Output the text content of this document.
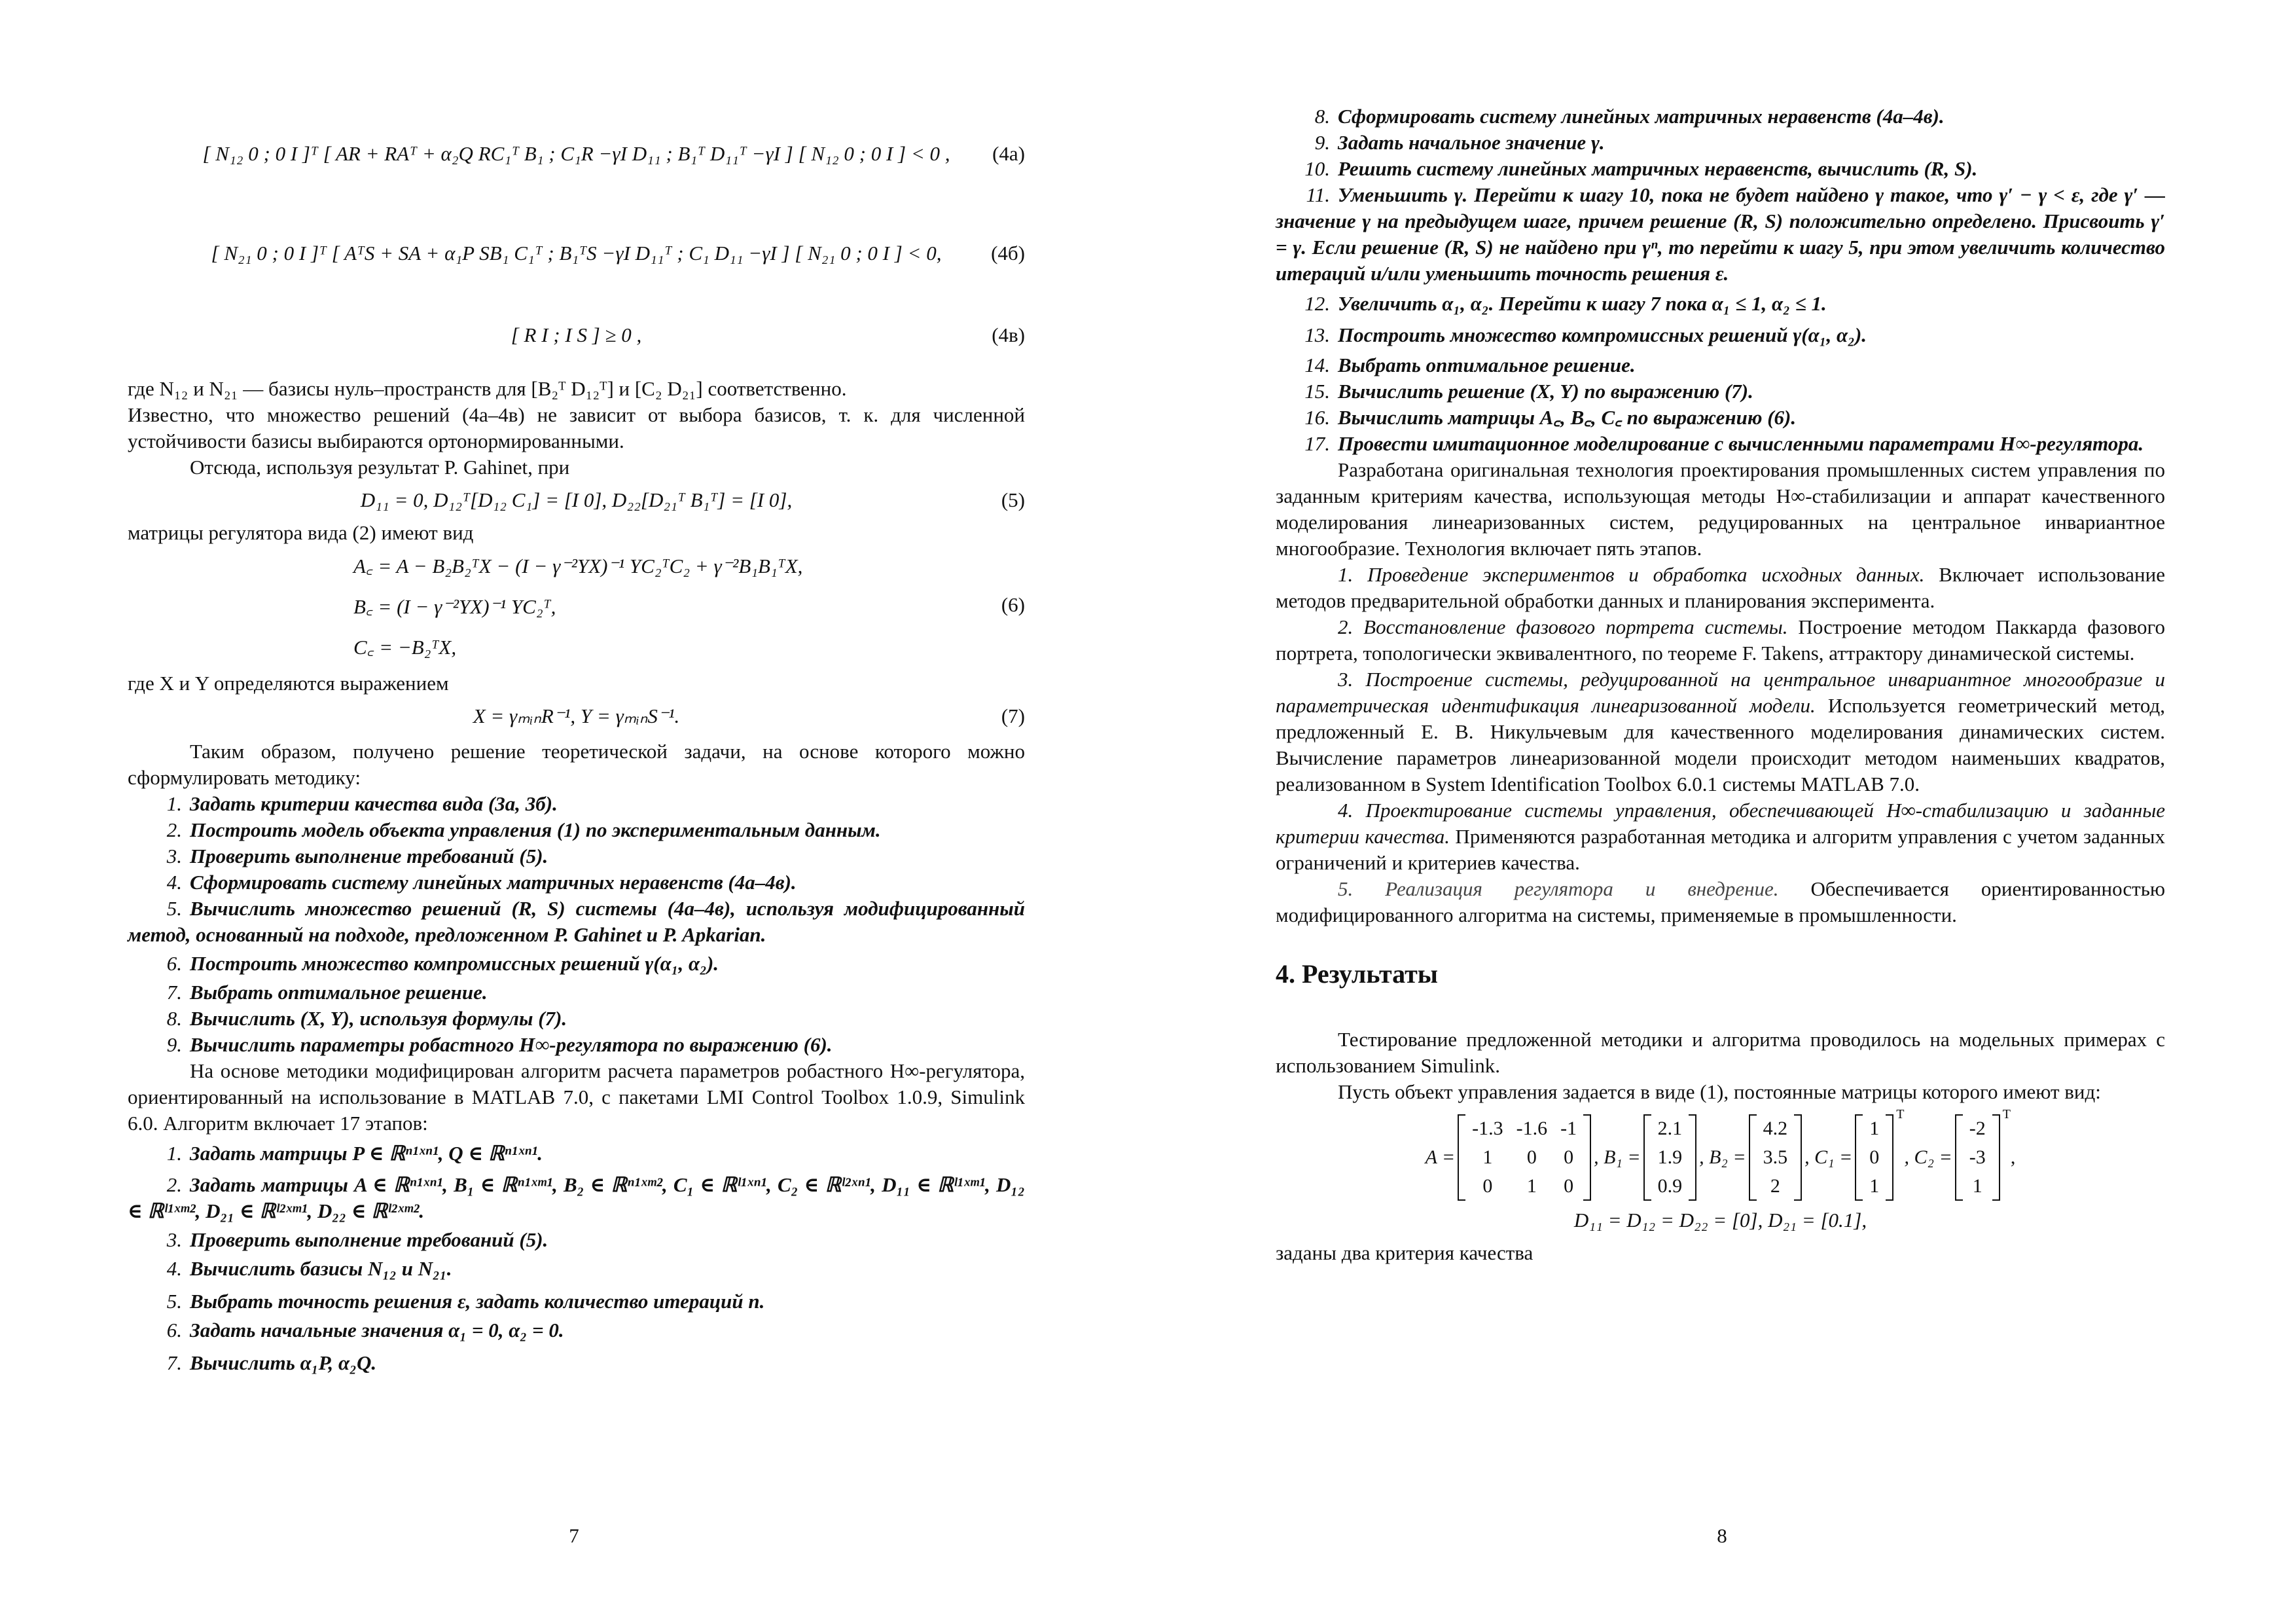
[ N₁₂ 0 ; 0 I ]ᵀ [ AR + RAᵀ + α₂Q RC₁ᵀ B₁ ; C₁R −γI D₁₁ ; B₁ᵀ D₁₁ᵀ −γI ] [ N₁₂ 0 ; 0 I ] < 0 , (4а)
[ N₂₁ 0 ; 0 I ]ᵀ [ AᵀS + SA + α₁P SB₁ C₁ᵀ ; B₁ᵀS −γI D₁₁ᵀ ; C₁ D₁₁ −γI ] [ N₂₁ 0 ; 0 I ] < 0, (4б)
[ R I ; I S ] ≥ 0 ,	(4в)

где N₁₂ и N₂₁ — базисы нуль–пространств для [B₂ᵀ D₁₂ᵀ] и [C₂ D₂₁] соответственно.

Известно, что множество решений (4а–4в) не зависит от выбора базисов, т. к. для численной устойчивости базисы выбираются ортонормированными.

Отсюда, используя результат P. Gahinet, при

D₁₁ = 0, D₁₂ᵀ[D₁₂ C₁] = [I 0], D₂₂[D₂₁ᵀ B₁ᵀ] = [I 0],	(5)

матрицы регулятора вида (2) имеют вид

A꜀ = A − B₂B₂ᵀX − (I − γ⁻²YX)⁻¹ YC₂ᵀC₂ + γ⁻²B₁B₁ᵀX,
B꜀ = (I − γ⁻²YX)⁻¹ YC₂ᵀ,
C꜀ = −B₂ᵀX,
(6)

где X и Y определяются выражением

X = γₘᵢₙR⁻¹, Y = γₘᵢₙS⁻¹.	(7)

Таким образом, получено решение теоретической задачи, на основе которого можно сформулировать методику:

1. Задать критерии качества вида (3а, 3б).

2. Построить модель объекта управления (1) по экспериментальным данным.

3. Проверить выполнение требований (5).

4. Сформировать систему линейных матричных неравенств (4а–4в).

5. Вычислить множество решений (R, S) системы (4а–4в), используя модифицированный метод, основанный на подходе, предложенном P. Gahinet и P. Apkarian.

6. Построить множество компромиссных решений γ(α₁, α₂).

7. Выбрать оптимальное решение.

8. Вычислить (X, Y), используя формулы (7).

9. Вычислить параметры робастного H∞-регулятора по выражению (6).

На основе методики модифицирован алгоритм расчета параметров робастного H∞-регулятора, ориентированный на использование в MATLAB 7.0, с пакетами LMI Control Toolbox 1.0.9, Simulink 6.0. Алгоритм включает 17 этапов:

1. Задать матрицы P ∈ ℝⁿ¹ˣⁿ¹, Q ∈ ℝⁿ¹ˣⁿ¹.

2. Задать матрицы A ∈ ℝⁿ¹ˣⁿ¹, B₁ ∈ ℝⁿ¹ˣᵐ¹, B₂ ∈ ℝⁿ¹ˣᵐ², C₁ ∈ ℝˡ¹ˣⁿ¹, C₂ ∈ ℝˡ²ˣⁿ¹, D₁₁ ∈ ℝˡ¹ˣᵐ¹, D₁₂ ∈ ℝˡ¹ˣᵐ², D₂₁ ∈ ℝˡ²ˣᵐ¹, D₂₂ ∈ ℝˡ²ˣᵐ².

3. Проверить выполнение требований (5).

4. Вычислить базисы N₁₂ и N₂₁.

5. Выбрать точность решения ε, задать количество итераций n.

6. Задать начальные значения α₁ = 0, α₂ = 0.

7. Вычислить α₁P, α₂Q.

7

8. Сформировать систему линейных матричных неравенств (4а–4в).

9. Задать начальное значение γ.

10. Решить систему линейных матричных неравенств, вычислить (R, S).

11. Уменьшить γ. Перейти к шагу 10, пока не будет найдено γ такое, что γ′ − γ < ε, где γ′ — значение γ на предыдущем шаге, причем решение (R, S) положительно определено. Присвоить γ′ = γ. Если решение (R, S) не найдено при γⁿ, то перейти к шагу 5, при этом увеличить количество итераций и/или уменьшить точность решения ε.

12. Увеличить α₁, α₂. Перейти к шагу 7 пока α₁ ≤ 1, α₂ ≤ 1.

13. Построить множество компромиссных решений γ(α₁, α₂).

14. Выбрать оптимальное решение.

15. Вычислить решение (X, Y) по выражению (7).

16. Вычислить матрицы A꜀, B꜀, C꜀ по выражению (6).

17. Провести имитационное моделирование с вычисленными параметрами H∞-регулятора.

Разработана оригинальная технология проектирования промышленных систем управления по заданным критериям качества, использующая методы H∞-стабилизации и аппарат качественного моделирования линеаризованных систем, редуцированных на центральное инвариантное многообразие. Технология включает пять этапов.

1. Проведение экспериментов и обработка исходных данных. Включает использование методов предварительной обработки данных и планирования эксперимента.

2. Восстановление фазового портрета системы. Построение методом Паккарда фазового портрета, топологически эквивалентного, по теореме F. Takens, аттрактору динамической системы.

3. Построение системы, редуцированной на центральное инвариантное многообразие и параметрическая идентификация линеаризованной модели. Используется геометрический метод, предложенный Е. В. Никульчевым для качественного моделирования динамических систем. Вычисление параметров линеаризованной модели происходит методом наименьших квадратов, реализованном в System Identification Toolbox 6.0.1 системы MATLAB 7.0.

4. Проектирование системы управления, обеспечивающей H∞-стабилизацию и заданные критерии качества. Применяются разработанная методика и алгоритм управления с учетом заданных ограничений и критериев качества.

5. Реализация регулятора и внедрение. Обеспечивается ориентированностью модифицированного алгоритма на системы, применяемые в промышленности.

4. Результаты

Тестирование предложенной методики и алгоритма проводилось на модельных примерах с использованием Simulink.

Пусть объект управления задается в виде (1), постоянные матрицы которого имеют вид:

A =
-1.3	-1.6	-1
1	0	0
0	1	0
, B₁ =
2.1
1.9
0.9
, B₂ =
4.2
3.5
2
, C₁ =
1
0
1
T
, C₂ =
-2
-3
1
T
,
D₁₁ = D₁₂ = D₂₂ = [0], D₂₁ = [0.1],

заданы два критерия качества

8
